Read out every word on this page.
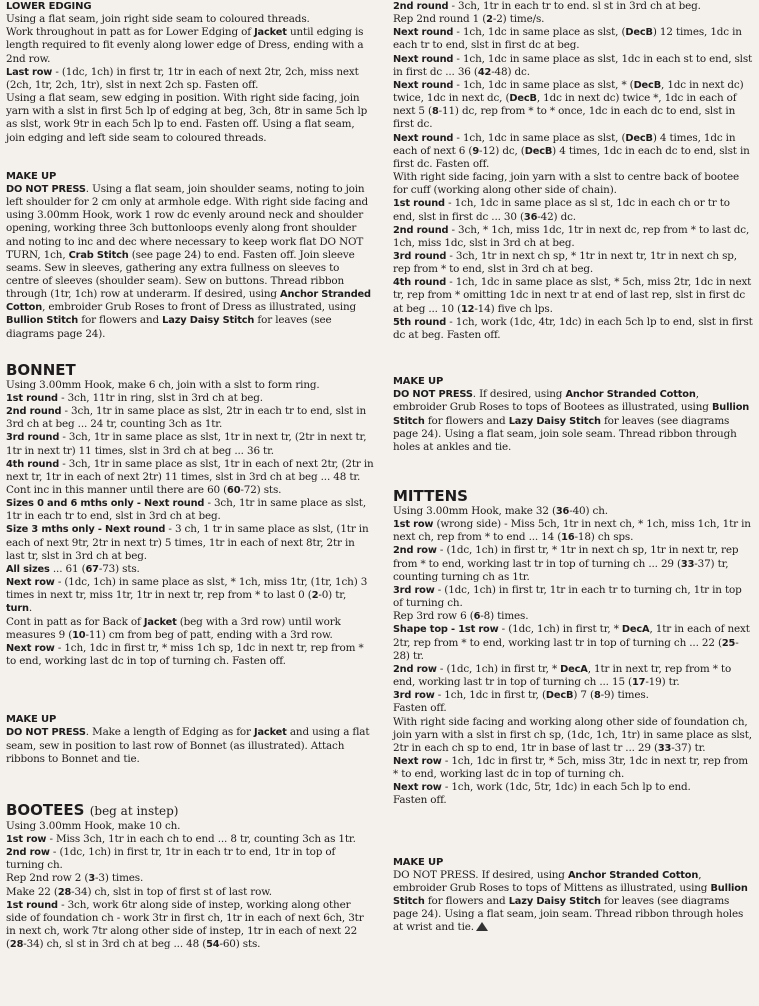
LOWER EDGING

Using a flat seam, join right side seam to coloured threads.

Work throughout in patt as for Lower Edging of Jacket until edging is length required to fit evenly along lower edge of Dress, ending with a 2nd row.

Last row - (1dc, 1ch) in first tr, 1tr in each of next 2tr, 2ch, miss next (2ch, 1tr, 2ch, 1tr), slst in next 2ch sp. Fasten off.

Using a flat seam, sew edging in position. With right side facing, join yarn with a slst in first 5ch lp of edging at beg, 3ch, 8tr in same 5ch lp as slst, work 9tr in each 5ch lp to end. Fasten off. Using a flat seam, join edging and left side seam to coloured threads.

MAKE UP

DO NOT PRESS. Using a flat seam, join shoulder seams, noting to join left shoulder for 2 cm only at armhole edge. With right side facing and using 3.00mm Hook, work 1 row dc evenly around neck and shoulder opening, working three 3ch buttonloops evenly along front shoulder and noting to inc and dec where necessary to keep work flat DO NOT TURN, 1ch, Crab Stitch (see page 24) to end. Fasten off. Join sleeve seams. Sew in sleeves, gathering any extra fullness on sleeves to centre of sleeves (shoulder seam). Sew on buttons. Thread ribbon through (1tr, 1ch) row at underarm. If desired, using Anchor Stranded Cotton, embroider Grub Roses to front of Dress as illustrated, using Bullion Stitch for flowers and Lazy Daisy Stitch for leaves (see diagrams page 24).

BONNET

Using 3.00mm Hook, make 6 ch, join with a slst to form ring.

1st round - 3ch, 11tr in ring, slst in 3rd ch at beg.

2nd round - 3ch, 1tr in same place as slst, 2tr in each tr to end, slst in 3rd ch at beg ... 24 tr, counting 3ch as 1tr.

3rd round - 3ch, 1tr in same place as slst, 1tr in next tr, (2tr in next tr, 1tr in next tr) 11 times, slst in 3rd ch at beg ... 36 tr.

4th round - 3ch, 1tr in same place as slst, 1tr in each of next 2tr, (2tr in next tr, 1tr in each of next 2tr) 11 times, slst in 3rd ch at beg ... 48 tr.

Cont inc in this manner until there are 60 (60-72) sts.

Sizes 0 and 6 mths only - Next round - 3ch, 1tr in same place as slst, 1tr in each tr to end, slst in 3rd ch at beg.

Size 3 mths only - Next round - 3 ch, 1 tr in same place as slst, (1tr in each of next 9tr, 2tr in next tr) 5 times, 1tr in each of next 8tr, 2tr in last tr, slst in 3rd ch at beg.

All sizes ... 61 (67-73) sts.

Next row - (1dc, 1ch) in same place as slst, * 1ch, miss 1tr, (1tr, 1ch) 3 times in next tr, miss 1tr, 1tr in next tr, rep from * to last 0 (2-0) tr, turn.

Cont in patt as for Back of Jacket (beg with a 3rd row) until work measures 9 (10-11) cm from beg of patt, ending with a 3rd row.

Next row - 1ch, 1dc in first tr, * miss 1ch sp, 1dc in next tr, rep from * to end, working last dc in top of turning ch. Fasten off.

MAKE UP

DO NOT PRESS. Make a length of Edging as for Jacket and using a flat seam, sew in position to last row of Bonnet (as illustrated). Attach ribbons to Bonnet and tie.

BOOTEES (beg at instep)

Using 3.00mm Hook, make 10 ch.

1st row - Miss 3ch, 1tr in each ch to end ... 8 tr, counting 3ch as 1tr.

2nd row - (1dc, 1ch) in first tr, 1tr in each tr to end, 1tr in top of turning ch.

Rep 2nd row 2 (3-3) times.

Make 22 (28-34) ch, slst in top of first st of last row.

1st round - 3ch, work 6tr along side of instep, working along other side of foundation ch - work 3tr in first ch, 1tr in each of next 6ch, 3tr in next ch, work 7tr along other side of instep, 1tr in each of next 22 (28-34) ch, sl st in 3rd ch at beg ... 48 (54-60) sts.

2nd round - 3ch, 1tr in each tr to end. sl st in 3rd ch at beg.

Rep 2nd round 1 (2-2) time/s.

Next round - 1ch, 1dc in same place as slst, (DecB) 12 times, 1dc in each tr to end, slst in first dc at beg.

Next round - 1ch, 1dc in same place as slst, 1dc in each st to end, slst in first dc ... 36 (42-48) dc.

Next round - 1ch, 1dc in same place as slst, * (DecB, 1dc in next dc) twice, 1dc in next dc, (DecB, 1dc in next dc) twice *, 1dc in each of next 5 (8-11) dc, rep from * to * once, 1dc in each dc to end, slst in first dc.

Next round - 1ch, 1dc in same place as slst, (DecB) 4 times, 1dc in each of next 6 (9-12) dc, (DecB) 4 times, 1dc in each dc to end, slst in first dc. Fasten off.

With right side facing, join yarn with a slst to centre back of bootee for cuff (working along other side of chain).

1st round - 1ch, 1dc in same place as sl st, 1dc in each ch or tr to end, slst in first dc ... 30 (36-42) dc.

2nd round - 3ch, * 1ch, miss 1dc, 1tr in next dc, rep from * to last dc, 1ch, miss 1dc, slst in 3rd ch at beg.

3rd round - 3ch, 1tr in next ch sp, * 1tr in next tr, 1tr in next ch sp, rep from * to end, slst in 3rd ch at beg.

4th round - 1ch, 1dc in same place as slst, * 5ch, miss 2tr, 1dc in next tr, rep from * omitting 1dc in next tr at end of last rep, slst in first dc at beg ... 10 (12-14) five ch lps.

5th round - 1ch, work (1dc, 4tr, 1dc) in each 5ch lp to end, slst in first dc at beg. Fasten off.

MAKE UP

DO NOT PRESS. If desired, using Anchor Stranded Cotton, embroider Grub Roses to tops of Bootees as illustrated, using Bullion Stitch for flowers and Lazy Daisy Stitch for leaves (see diagrams page 24). Using a flat seam, join sole seam. Thread ribbon through holes at ankles and tie.

MITTENS

Using 3.00mm Hook, make 32 (36-40) ch.

1st row (wrong side) - Miss 5ch, 1tr in next ch, * 1ch, miss 1ch, 1tr in next ch, rep from * to end ... 14 (16-18) ch sps.

2nd row - (1dc, 1ch) in first tr, * 1tr in next ch sp, 1tr in next tr, rep from * to end, working last tr in top of turning ch ... 29 (33-37) tr, counting turning ch as 1tr.

3rd row - (1dc, 1ch) in first tr, 1tr in each tr to turning ch, 1tr in top of turning ch.

Rep 3rd row 6 (6-8) times.

Shape top - 1st row - (1dc, 1ch) in first tr, * DecA, 1tr in each of next 2tr, rep from * to end, working last tr in top of turning ch ... 22 (25-28) tr.

2nd row - (1dc, 1ch) in first tr, * DecA, 1tr in next tr, rep from * to end, working last tr in top of turning ch ... 15 (17-19) tr.

3rd row - 1ch, 1dc in first tr, (DecB) 7 (8-9) times.

Fasten off.

With right side facing and working along other side of foundation ch, join yarn with a slst in first ch sp, (1dc, 1ch, 1tr) in same place as slst, 2tr in each ch sp to end, 1tr in base of last tr ... 29 (33-37) tr.

Next row - 1ch, 1dc in first tr, * 5ch, miss 3tr, 1dc in next tr, rep from * to end, working last dc in top of turning ch.

Next row - 1ch, work (1dc, 5tr, 1dc) in each 5ch lp to end.

Fasten off.

MAKE UP

DO NOT PRESS. If desired, using Anchor Stranded Cotton, embroider Grub Roses to tops of Mittens as illustrated, using Bullion Stitch for flowers and Lazy Daisy Stitch for leaves (see diagrams page 24). Using a flat seam, join seam. Thread ribbon through holes at wrist and tie.
